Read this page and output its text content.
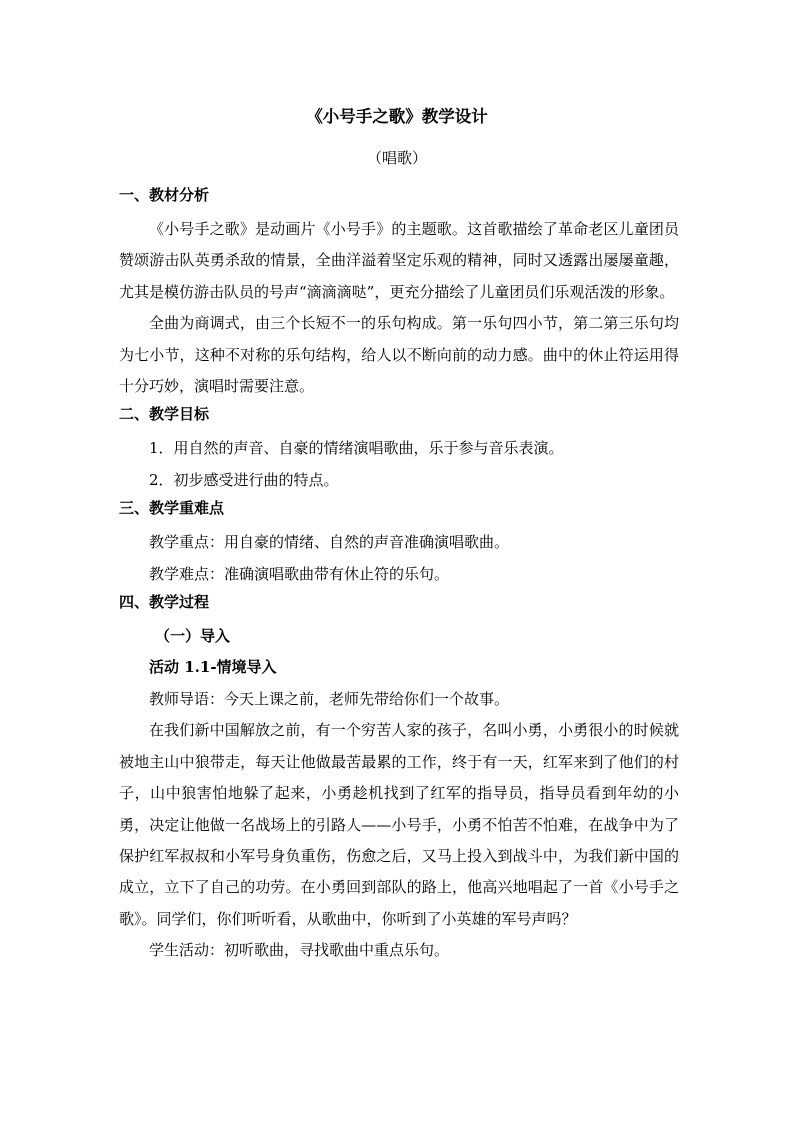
《小号手之歌》教学设计
（唱歌）
一、教材分析

《小号手之歌》是动画片《小号手》的主题歌。这首歌描绘了革命老区儿童团员赞颂游击队英勇杀敌的情景，全曲洋溢着坚定乐观的精神，同时又透露出屡屡童趣，尤其是模仿游击队员的号声“滴滴滴哒”，更充分描绘了儿童团员们乐观活泼的形象。

全曲为商调式，由三个长短不一的乐句构成。第一乐句四小节，第二第三乐句均为七小节，这种不对称的乐句结构，给人以不断向前的动力感。曲中的休止符运用得十分巧妙，演唱时需要注意。

二、教学目标

1．用自然的声音、自豪的情绪演唱歌曲，乐于参与音乐表演。

2．初步感受进行曲的特点。

三、教学重难点

教学重点：用自豪的情绪、自然的声音准确演唱歌曲。

教学难点：准确演唱歌曲带有休止符的乐句。

四、教学过程

（一）导入

活动 1.1-情境导入

教师导语：今天上课之前，老师先带给你们一个故事。

在我们新中国解放之前，有一个穷苦人家的孩子，名叫小勇，小勇很小的时候就被地主山中狼带走，每天让他做最苦最累的工作，终于有一天，红军来到了他们的村子，山中狼害怕地躲了起来，小勇趁机找到了红军的指导员，指导员看到年幼的小勇，决定让他做一名战场上的引路人——小号手，小勇不怕苦不怕难，在战争中为了保护红军叔叔和小军号身负重伤，伤愈之后，又马上投入到战斗中，为我们新中国的成立，立下了自己的功劳。在小勇回到部队的路上，他高兴地唱起了一首《小号手之歌》。同学们，你们听听看，从歌曲中，你听到了小英雄的军号声吗？

学生活动：初听歌曲，寻找歌曲中重点乐句。
